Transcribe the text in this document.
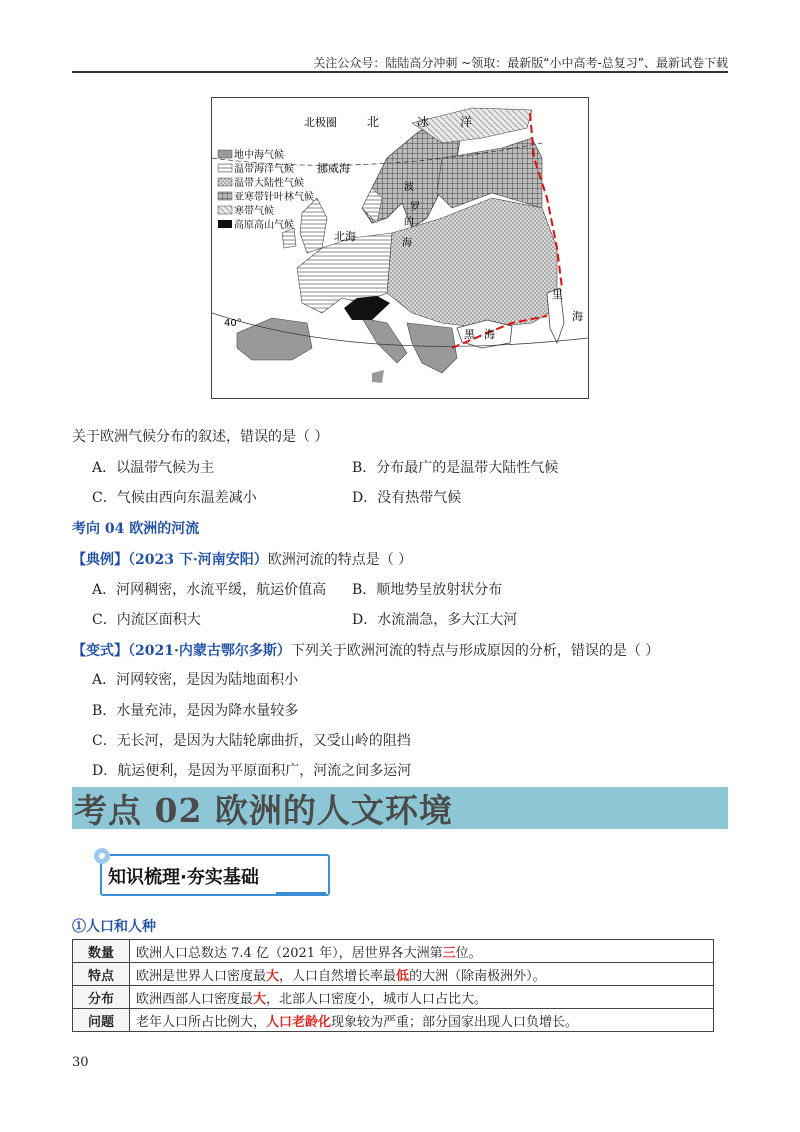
关注公众号：陆陆高分冲刺 ~领取：最新版“小中高考-总复习”、最新试卷下载
地中海气候
温带海洋气候
温带大陆性气候
亚寒带针叶林气候
寒带气候
高原高山气候
北极圈	北	冰	洋
挪威海
北海
波
罗
的
海
黑 海
里
海
40°
关于欧洲气候分布的叙述，错误的是（ ）
A．以温带气候为主	B．分布最广的是温带大陆性气候
C．气候由西向东温差减小	D．没有热带气候
考向 04 欧洲的河流
【典例】（2023 下·河南安阳）欧洲河流的特点是（ ）
A．河网稠密，水流平缓，航运价值高 B．顺地势呈放射状分布
C．内流区面积大	D．水流湍急，多大江大河
【变式】（2021·内蒙古鄂尔多斯）下列关于欧洲河流的特点与形成原因的分析，错误的是（ ）
A．河网较密，是因为陆地面积小
B．水量充沛，是因为降水量较多
C．无长河，是因为大陆轮廓曲折，又受山岭的阻挡
D．航运便利，是因为平原面积广，河流之间多运河
考点 02 欧洲的人文环境
知识梳理·夯实基础
①人口和人种
数量	欧洲人口总数达 7.4 亿（2021 年），居世界各大洲第三位。
特点	欧洲是世界人口密度最大，人口自然增长率最低的大洲（除南极洲外）。
分布	欧洲西部人口密度最大，北部人口密度小，城市人口占比大。
问题	老年人口所占比例大，人口老龄化现象较为严重；部分国家出现人口负增长。
30
